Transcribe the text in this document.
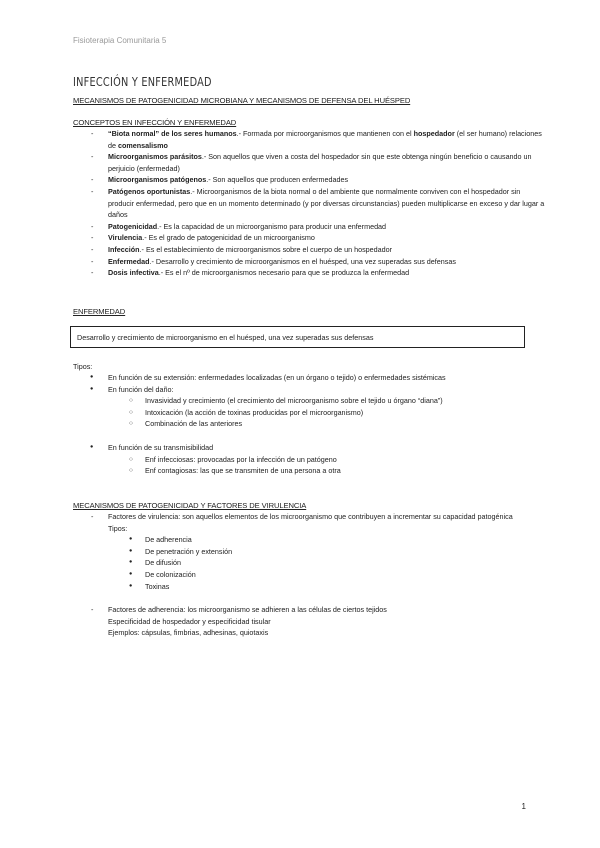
Fisioterapia Comunitaria 5
INFECCIÓN Y ENFERMEDAD
MECANISMOS DE PATOGENICIDAD MICROBIANA Y MECANISMOS DE DEFENSA DEL HUÉSPED
CONCEPTOS EN INFECCIÓN Y ENFERMEDAD
- “Biota normal” de los seres humanos.- Formada por microorganismos que mantienen con el hospedador (el ser humano) relaciones de comensalismo
- Microorganismos parásitos.- Son aquellos que viven a costa del hospedador sin que este obtenga ningún beneficio o causando un perjuicio (enfermedad)
- Microorganismos patógenos.- Son aquellos que producen enfermedades
- Patógenos oportunistas.- Microorganismos de la biota normal o del ambiente que normalmente conviven con el hospedador sin producir enfermedad, pero que en un momento determinado (y por diversas circunstancias) pueden multiplicarse en exceso y dar lugar a daños
- Patogenicidad.- Es la capacidad de un microorganismo para producir una enfermedad
- Virulencia.- Es el grado de patogenicidad de un microorganismo
- Infección.- Es el establecimiento de microorganismos sobre el cuerpo de un hospedador
- Enfermedad.- Desarrollo y crecimiento de microorganismos en el huésped, una vez superadas sus defensas
- Dosis infectiva.- Es el nº de microorganismos necesario para que se produzca la enfermedad
ENFERMEDAD
Desarrollo y crecimiento de microorganismo en el huésped, una vez superadas sus defensas
Tipos:
● En función de su extensión: enfermedades localizadas (en un órgano o tejido) o enfermedades sistémicas
● En función del daño:
○ Invasividad y crecimiento (el crecimiento del microorganismo sobre el tejido u órgano “diana”)
○ Intoxicación (la acción de toxinas producidas por el microorganismo)
○ Combinación de las anteriores
● En función de su transmisibilidad
○ Enf infecciosas: provocadas por la infección de un patógeno
○ Enf contagiosas: las que se transmiten de una persona a otra
MECANISMOS DE PATOGENICIDAD Y FACTORES DE VIRULENCIA
- Factores de virulencia: son aquellos elementos de los microorganismo que contribuyen a incrementar su capacidad patogénica
Tipos:
● De adherencia
● De penetración y extensión
● De difusión
● De colonización
● Toxinas
- Factores de adherencia: los microorganismo se adhieren a las células de ciertos tejidos
Especificidad de hospedador y especificidad tisular
Ejemplos: cápsulas, fimbrias, adhesinas, quiotaxis
1
